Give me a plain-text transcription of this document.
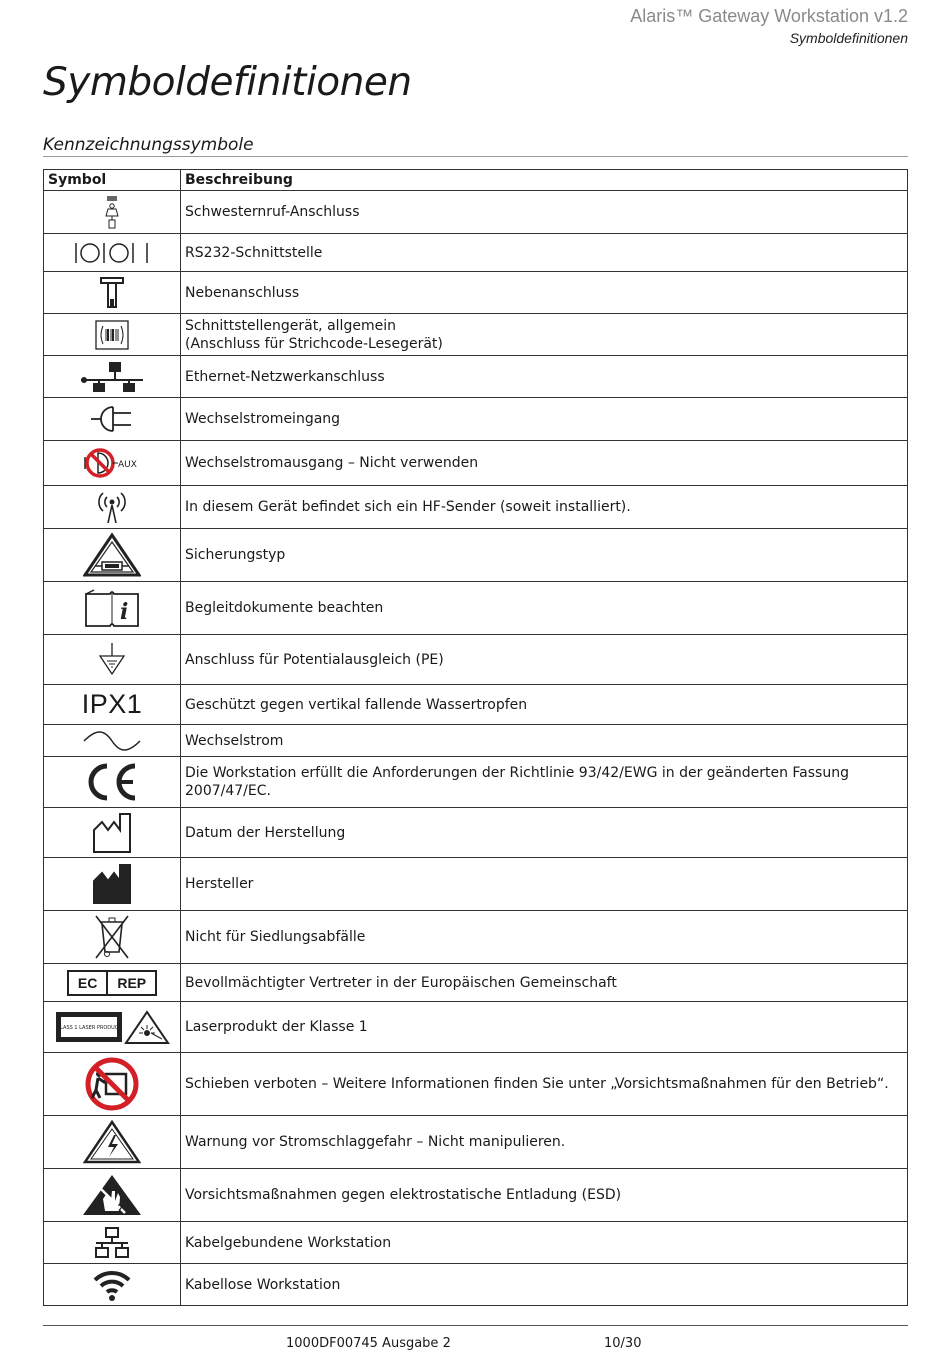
Alaris™ Gateway Workstation v1.2
Symboldefinitionen
Symboldefinitionen
Kennzeichnungssymbole
Symbol	Beschreibung

	Schwesternruf-Anschluss

	RS232-Schnittstelle

	Nebenanschluss

	Schnittstellengerät, allgemein
(Anschluss für Strichcode-Lesegerät)

	Ethernet-Netzwerkanschluss

	Wechselstromeingang

AUX	Wechselstromausgang – Nicht verwenden

	In diesem Gerät befindet sich ein HF-Sender (soweit installiert).

	Sicherungstyp

i	Begleitdokumente beachten

	Anschluss für Potentialausgleich (PE)
IPX1	Geschützt gegen vertikal fallende Wassertropfen

	Wechselstrom

	Die Workstation erfüllt die Anforderungen der Richtlinie 93/42/EWG in der geänderten Fassung 2007/47/EC.

	Datum der Herstellung

	Hersteller

	Nicht für Siedlungsabfälle

EC REP	Bevollmächtigter Vertreter in der Europäischen Gemeinschaft

CLASS 1 LASER PRODUCT	Laserprodukt der Klasse 1

	Schieben verboten – Weitere Informationen finden Sie unter „Vorsichtsmaßnahmen für den Betrieb“.

	Warnung vor Stromschlaggefahr – Nicht manipulieren.

	Vorsichtsmaßnahmen gegen elektrostatische Entladung (ESD)

	Kabelgebundene Workstation

	Kabellose Workstation
1000DF00745 Ausgabe 2	10/30
